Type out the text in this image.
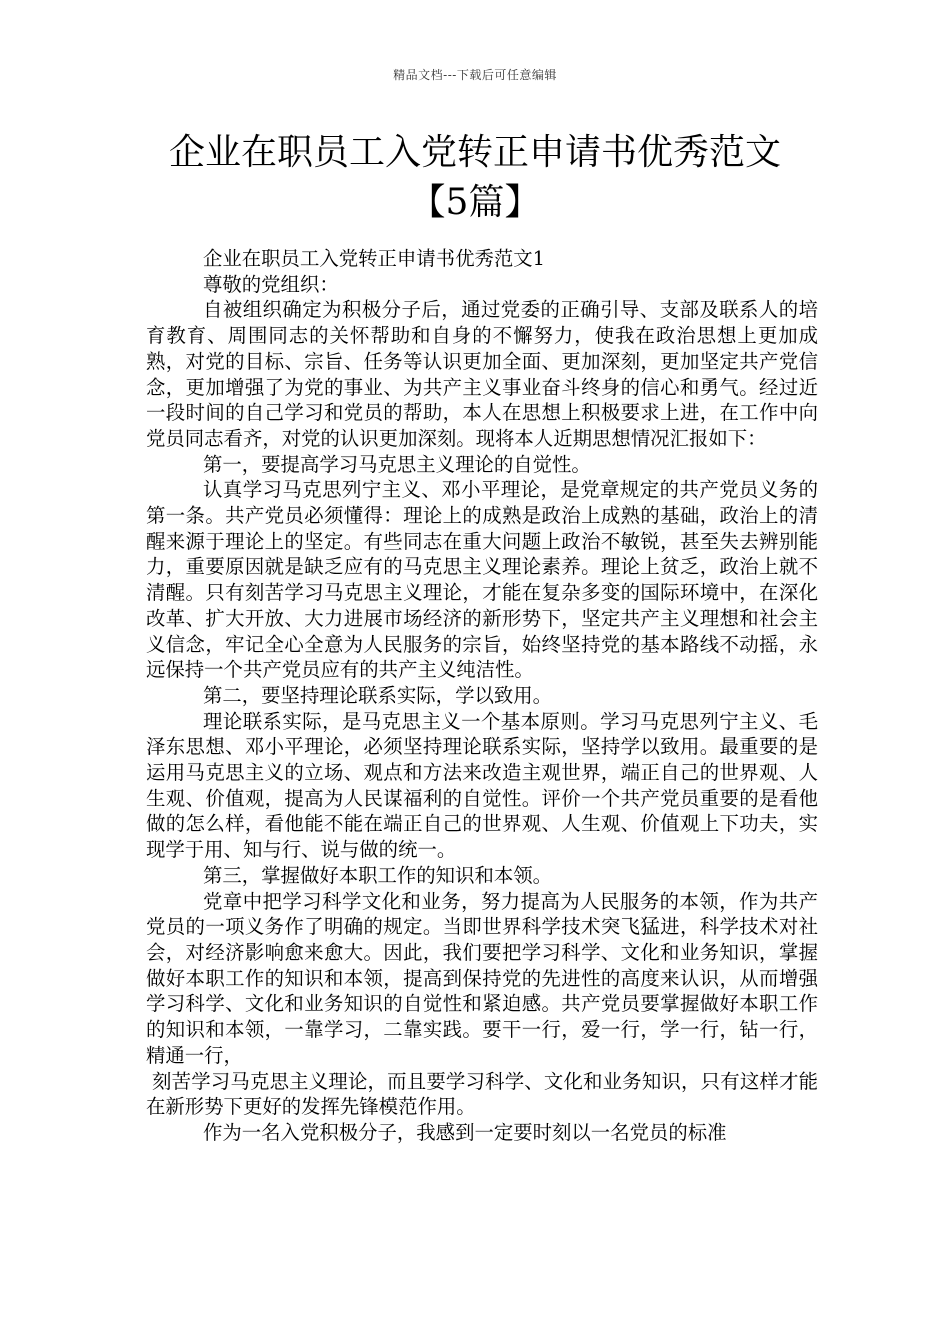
精品文档---下载后可任意编辑
企业在职员工入党转正申请书优秀范文【5篇】

企业在职员工入党转正申请书优秀范文1

尊敬的党组织：

自被组织确定为积极分子后，通过党委的正确引导、支部及联系人的培育教育、周围同志的关怀帮助和自身的不懈努力，使我在政治思想上更加成熟，对党的目标、宗旨、任务等认识更加全面、更加深刻，更加坚定共产党信念，更加增强了为党的事业、为共产主义事业奋斗终身的信心和勇气。经过近一段时间的自己学习和党员的帮助，本人在思想上积极要求上进，在工作中向党员同志看齐，对党的认识更加深刻。现将本人近期思想情况汇报如下：

第一，要提高学习马克思主义理论的自觉性。

认真学习马克思列宁主义、邓小平理论，是党章规定的共产党员义务的第一条。共产党员必须懂得：理论上的成熟是政治上成熟的基础，政治上的清醒来源于理论上的坚定。有些同志在重大问题上政治不敏锐，甚至失去辨别能力，重要原因就是缺乏应有的马克思主义理论素养。理论上贫乏，政治上就不清醒。只有刻苦学习马克思主义理论，才能在复杂多变的国际环境中，在深化改革、扩大开放、大力进展市场经济的新形势下，坚定共产主义理想和社会主义信念，牢记全心全意为人民服务的宗旨，始终坚持党的基本路线不动摇，永远保持一个共产党员应有的共产主义纯洁性。

第二，要坚持理论联系实际，学以致用。

理论联系实际，是马克思主义一个基本原则。学习马克思列宁主义、毛泽东思想、邓小平理论，必须坚持理论联系实际，坚持学以致用。最重要的是运用马克思主义的立场、观点和方法来改造主观世界，端正自己的世界观、人生观、价值观，提高为人民谋福利的自觉性。评价一个共产党员重要的是看他做的怎么样，看他能不能在端正自己的世界观、人生观、价值观上下功夫，实现学于用、知与行、说与做的统一。

第三，掌握做好本职工作的知识和本领。

党章中把学习科学文化和业务，努力提高为人民服务的本领，作为共产党员的一项义务作了明确的规定。当即世界科学技术突飞猛进，科学技术对社会，对经济影响愈来愈大。因此，我们要把学习科学、文化和业务知识，掌握做好本职工作的知识和本领，提高到保持党的先进性的高度来认识，从而增强学习科学、文化和业务知识的自觉性和紧迫感。共产党员要掌握做好本职工作的知识和本领，一靠学习，二靠实践。要干一行，爱一行，学一行，钻一行，精通一行，

刻苦学习马克思主义理论，而且要学习科学、文化和业务知识，只有这样才能在新形势下更好的发挥先锋模范作用。

作为一名入党积极分子，我感到一定要时刻以一名党员的标准
